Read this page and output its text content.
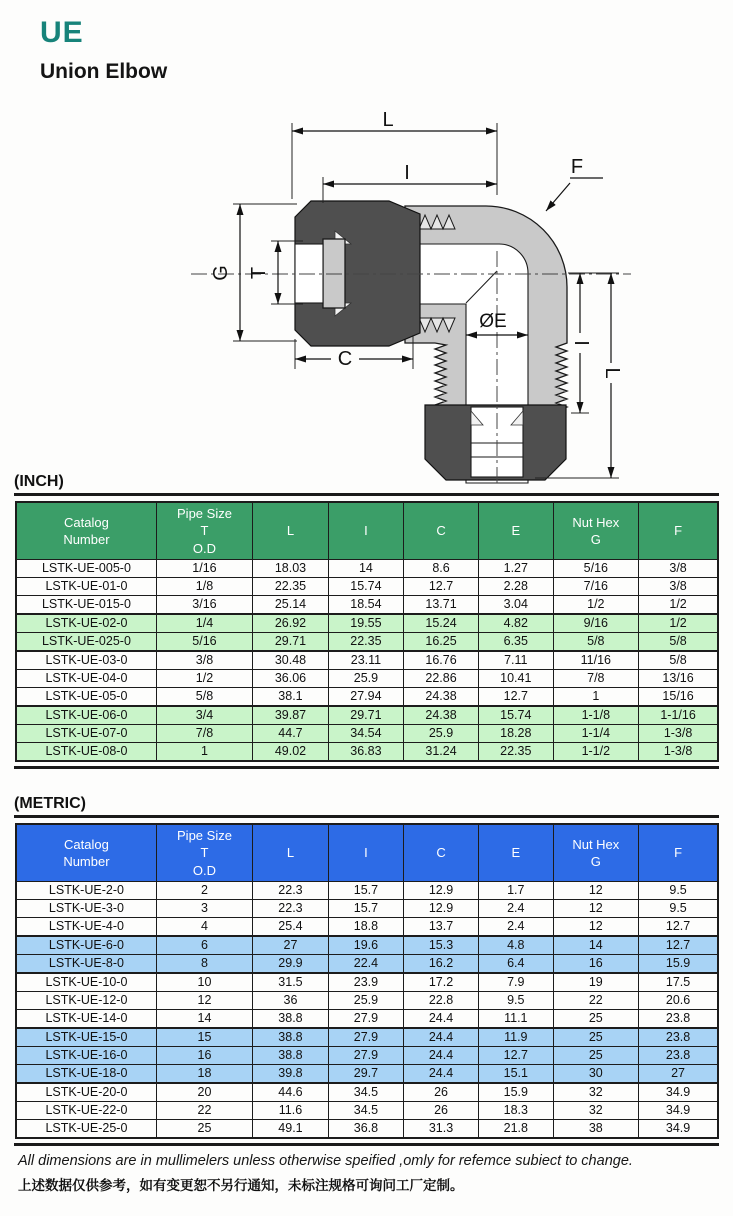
UE
Union Elbow
L
I
G T
C
ØE
F
I
L
(INCH)
Catalog
Number

Pipe Size
T
O.D
	L	I	C	E	
Nut Hex
G
	F
LSTK-UE-005-0	1/16	18.03	14	8.6	1.27	5/16	3/8
LSTK-UE-01-0	1/8	22.35	15.74	12.7	2.28	7/16	3/8
LSTK-UE-015-0	3/16	25.14	18.54	13.71	3.04	1/2	1/2
LSTK-UE-02-0	1/4	26.92	19.55	15.24	4.82	9/16	1/2
LSTK-UE-025-0	5/16	29.71	22.35	16.25	6.35	5/8	5/8
LSTK-UE-03-0	3/8	30.48	23.11	16.76	7.11	11/16	5/8
LSTK-UE-04-0	1/2	36.06	25.9	22.86	10.41	7/8	13/16
LSTK-UE-05-0	5/8	38.1	27.94	24.38	12.7	1	15/16
LSTK-UE-06-0	3/4	39.87	29.71	24.38	15.74	1-1/8	1-1/16
LSTK-UE-07-0	7/8	44.7	34.54	25.9	18.28	1-1/4	1-3/8
LSTK-UE-08-0	1	49.02	36.83	31.24	22.35	1-1/2	1-3/8
(METRIC)
Catalog
Number

Pipe Size
T
O.D
	L	I	C	E	
Nut Hex
G
	F
LSTK-UE-2-0	2	22.3	15.7	12.9	1.7	12	9.5
LSTK-UE-3-0	3	22.3	15.7	12.9	2.4	12	9.5
LSTK-UE-4-0	4	25.4	18.8	13.7	2.4	12	12.7
LSTK-UE-6-0	6	27	19.6	15.3	4.8	14	12.7
LSTK-UE-8-0	8	29.9	22.4	16.2	6.4	16	15.9
LSTK-UE-10-0	10	31.5	23.9	17.2	7.9	19	17.5
LSTK-UE-12-0	12	36	25.9	22.8	9.5	22	20.6
LSTK-UE-14-0	14	38.8	27.9	24.4	11.1	25	23.8
LSTK-UE-15-0	15	38.8	27.9	24.4	11.9	25	23.8
LSTK-UE-16-0	16	38.8	27.9	24.4	12.7	25	23.8
LSTK-UE-18-0	18	39.8	29.7	24.4	15.1	30	27
LSTK-UE-20-0	20	44.6	34.5	26	15.9	32	34.9
LSTK-UE-22-0	22	11.6	34.5	26	18.3	32	34.9
LSTK-UE-25-0	25	49.1	36.8	31.3	21.8	38	34.9
All dimensions are in mullimelers unless otherwise speified ,omly for refemce subiect to change.
上述数据仅供参考，如有变更恕不另行通知，未标注规格可询问工厂定制。
